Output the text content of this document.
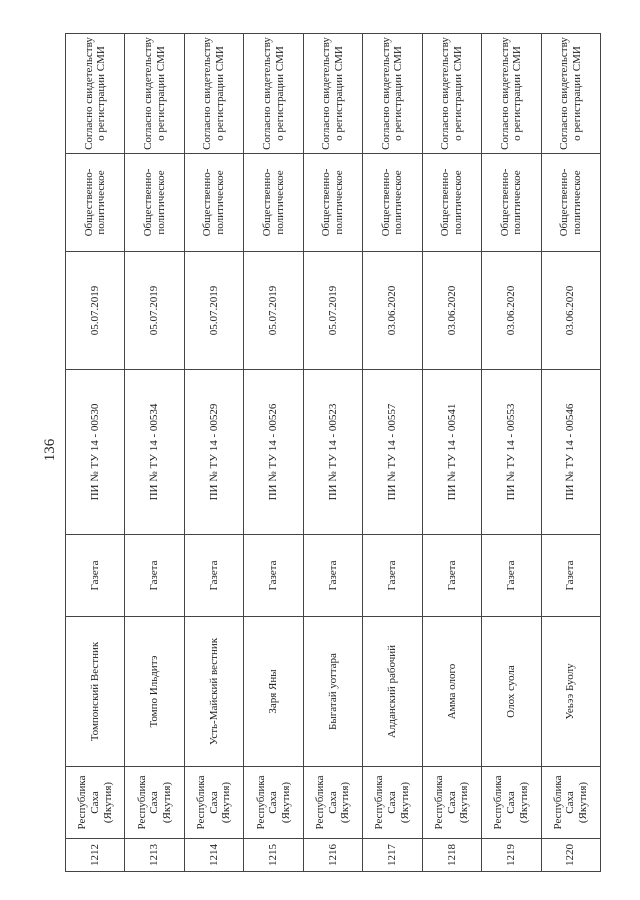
136
1212	Республика Саха (Якутия)	Томпонский Вестник	Газета	ПИ № ТУ 14 - 00530	05.07.2019	Общественно-политическое	Согласно свидетельству о регистрации СМИ
1213	Республика Саха (Якутия)	Томпо Ильдитэ	Газета	ПИ № ТУ 14 - 00534	05.07.2019	Общественно-политическое	Согласно свидетельству о регистрации СМИ
1214	Республика Саха (Якутия)	Усть-Майский вестник	Газета	ПИ № ТУ 14 - 00529	05.07.2019	Общественно-политическое	Согласно свидетельству о регистрации СМИ
1215	Республика Саха (Якутия)	Заря Яны	Газета	ПИ № ТУ 14 - 00526	05.07.2019	Общественно-политическое	Согласно свидетельству о регистрации СМИ
1216	Республика Саха (Якутия)	Быгатай уоттара	Газета	ПИ № ТУ 14 - 00523	05.07.2019	Общественно-политическое	Согласно свидетельству о регистрации СМИ
1217	Республика Саха (Якутия)	Алданский рабочий	Газета	ПИ № ТУ 14 - 00557	03.06.2020	Общественно-политическое	Согласно свидетельству о регистрации СМИ
1218	Республика Саха (Якутия)	Амма олого	Газета	ПИ № ТУ 14 - 00541	03.06.2020	Общественно-политическое	Согласно свидетельству о регистрации СМИ
1219	Республика Саха (Якутия)	Олох суола	Газета	ПИ № ТУ 14 - 00553	03.06.2020	Общественно-политическое	Согласно свидетельству о регистрации СМИ
1220	Республика Саха (Якутия)	Уеьээ Буолу	Газета	ПИ № ТУ 14 - 00546	03.06.2020	Общественно-политическое	Согласно свидетельству о регистрации СМИ
